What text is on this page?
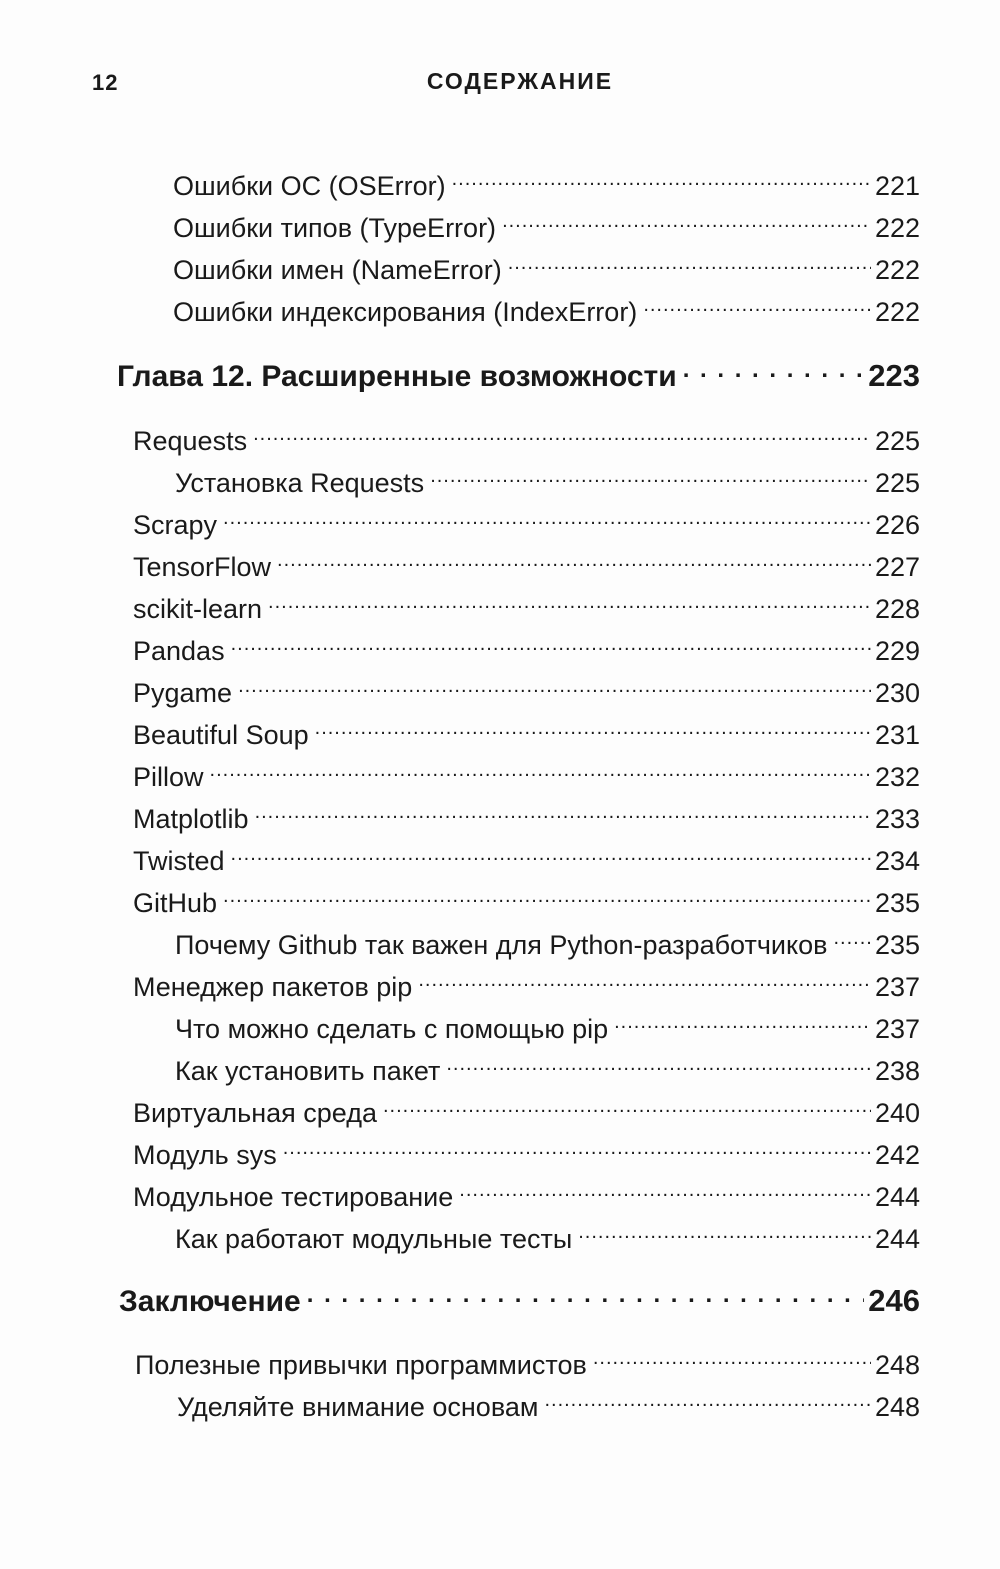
12	СОДЕРЖАНИЕ
Ошибки ОС (OSError) .....	221
Ошибки типов (TypeError) .....	222
Ошибки имен (NameError) .....	222
Ошибки индексирования (IndexError) .....	222
Глава 12. Расширенные возможности . . .	223
Requests .....	225
Установка Requests .....	225
Scrapy .....	226
TensorFlow .....	227
scikit-learn .....	228
Pandas .....	229
Pygame .....	230
Beautiful Soup .....	231
Pillow .....	232
Matplotlib .....	233
Twisted .....	234
GitHub .....	235
Почему Github так важен для Python-разработчиков ..... 235
Менеджер пакетов pip .....	237
Что можно сделать с помощью pip .....	237
Как установить пакет .....	238
Виртуальная среда .....	240
Модуль sys .....	242
Модульное тестирование .....	244
Как работают модульные тесты .....	244
Заключение . . .	246
Полезные привычки программистов .....	248
Уделяйте внимание основам .....	248
